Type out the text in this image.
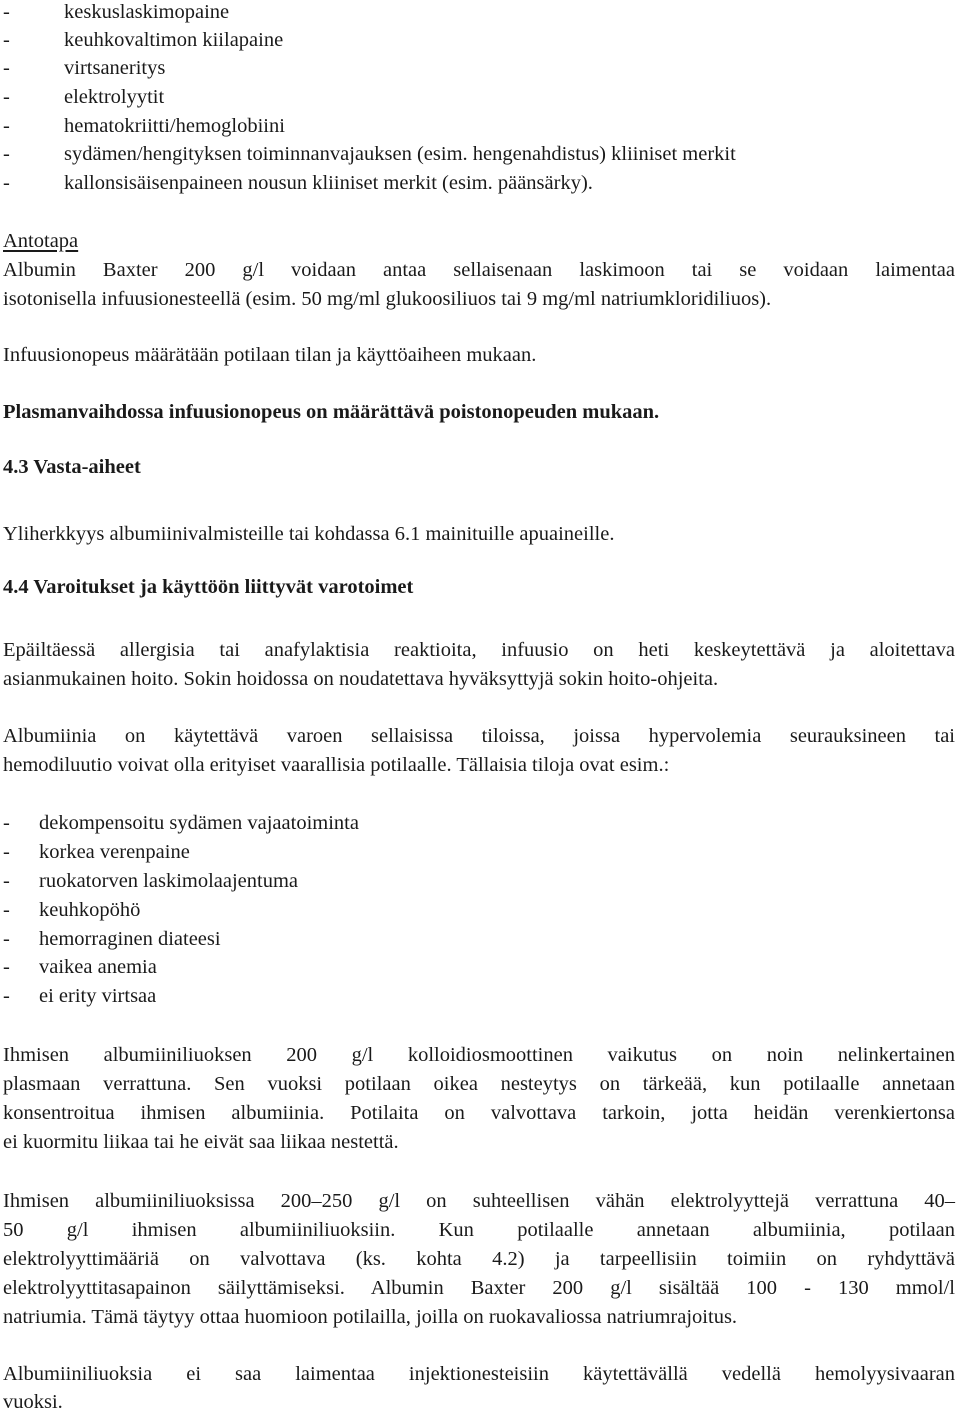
-	keskuslaskimopaine
-	keuhkovaltimon kiilapaine
-	virtsaneritys
-	elektrolyytit
-	hematokriitti/hemoglobiini
-	sydämen/hengityksen toiminnanvajauksen (esim. hengenahdistus) kliiniset merkit
-	kallonsisäisenpaineen nousun kliiniset merkit (esim. päänsärky).
Antotapa
Albumin Baxter 200 g/l voidaan antaa sellaisenaan laskimoon tai se voidaan laimentaa
isotonisella infuusionesteellä (esim. 50 mg/ml glukoosiliuos tai 9 mg/ml natriumkloridiliuos).
Infuusionopeus määrätään potilaan tilan ja käyttöaiheen mukaan.
Plasmanvaihdossa infuusionopeus on määrättävä poistonopeuden mukaan.
4.3 Vasta-aiheet
Yliherkkyys albumiinivalmisteille tai kohdassa 6.1 mainituille apuaineille.
4.4 Varoitukset ja käyttöön liittyvät varotoimet
Epäiltäessä allergisia tai anafylaktisia reaktioita, infuusio on heti keskeytettävä ja aloitettava
asianmukainen hoito. Sokin hoidossa on noudatettava hyväksyttyjä sokin hoito-ohjeita.
Albumiinia on käytettävä varoen sellaisissa tiloissa, joissa hypervolemia seurauksineen tai
hemodiluutio voivat olla erityiset vaarallisia potilaalle. Tällaisia tiloja ovat esim.:
- dekompensoitu sydämen vajaatoiminta
- korkea verenpaine
- ruokatorven laskimolaajentuma
- keuhkopöhö
- hemorraginen diateesi
- vaikea anemia
- ei erity virtsaa
Ihmisen albumiiniliuoksen 200 g/l kolloidiosmoottinen vaikutus on noin nelinkertainen
plasmaan verrattuna. Sen vuoksi potilaan oikea nesteytys on tärkeää, kun potilaalle annetaan
konsentroitua ihmisen albumiinia. Potilaita on valvottava tarkoin, jotta heidän verenkiertonsa
ei kuormitu liikaa tai he eivät saa liikaa nestettä.
Ihmisen albumiiniliuoksissa 200–250 g/l on suhteellisen vähän elektrolyyttejä verrattuna 40–
50 g/l ihmisen albumiiniliuoksiin. Kun potilaalle annetaan albumiinia, potilaan
elektrolyyttimääriä on valvottava (ks. kohta 4.2) ja tarpeellisiin toimiin on ryhdyttävä
elektrolyyttitasapainon säilyttämiseksi. Albumin Baxter 200 g/l sisältää 100 - 130 mmol/l
natriumia. Tämä täytyy ottaa huomioon potilailla, joilla on ruokavaliossa natriumrajoitus.
Albumiiniliuoksia ei saa laimentaa injektionesteisiin käytettävällä vedellä hemolyysivaaran
vuoksi.
